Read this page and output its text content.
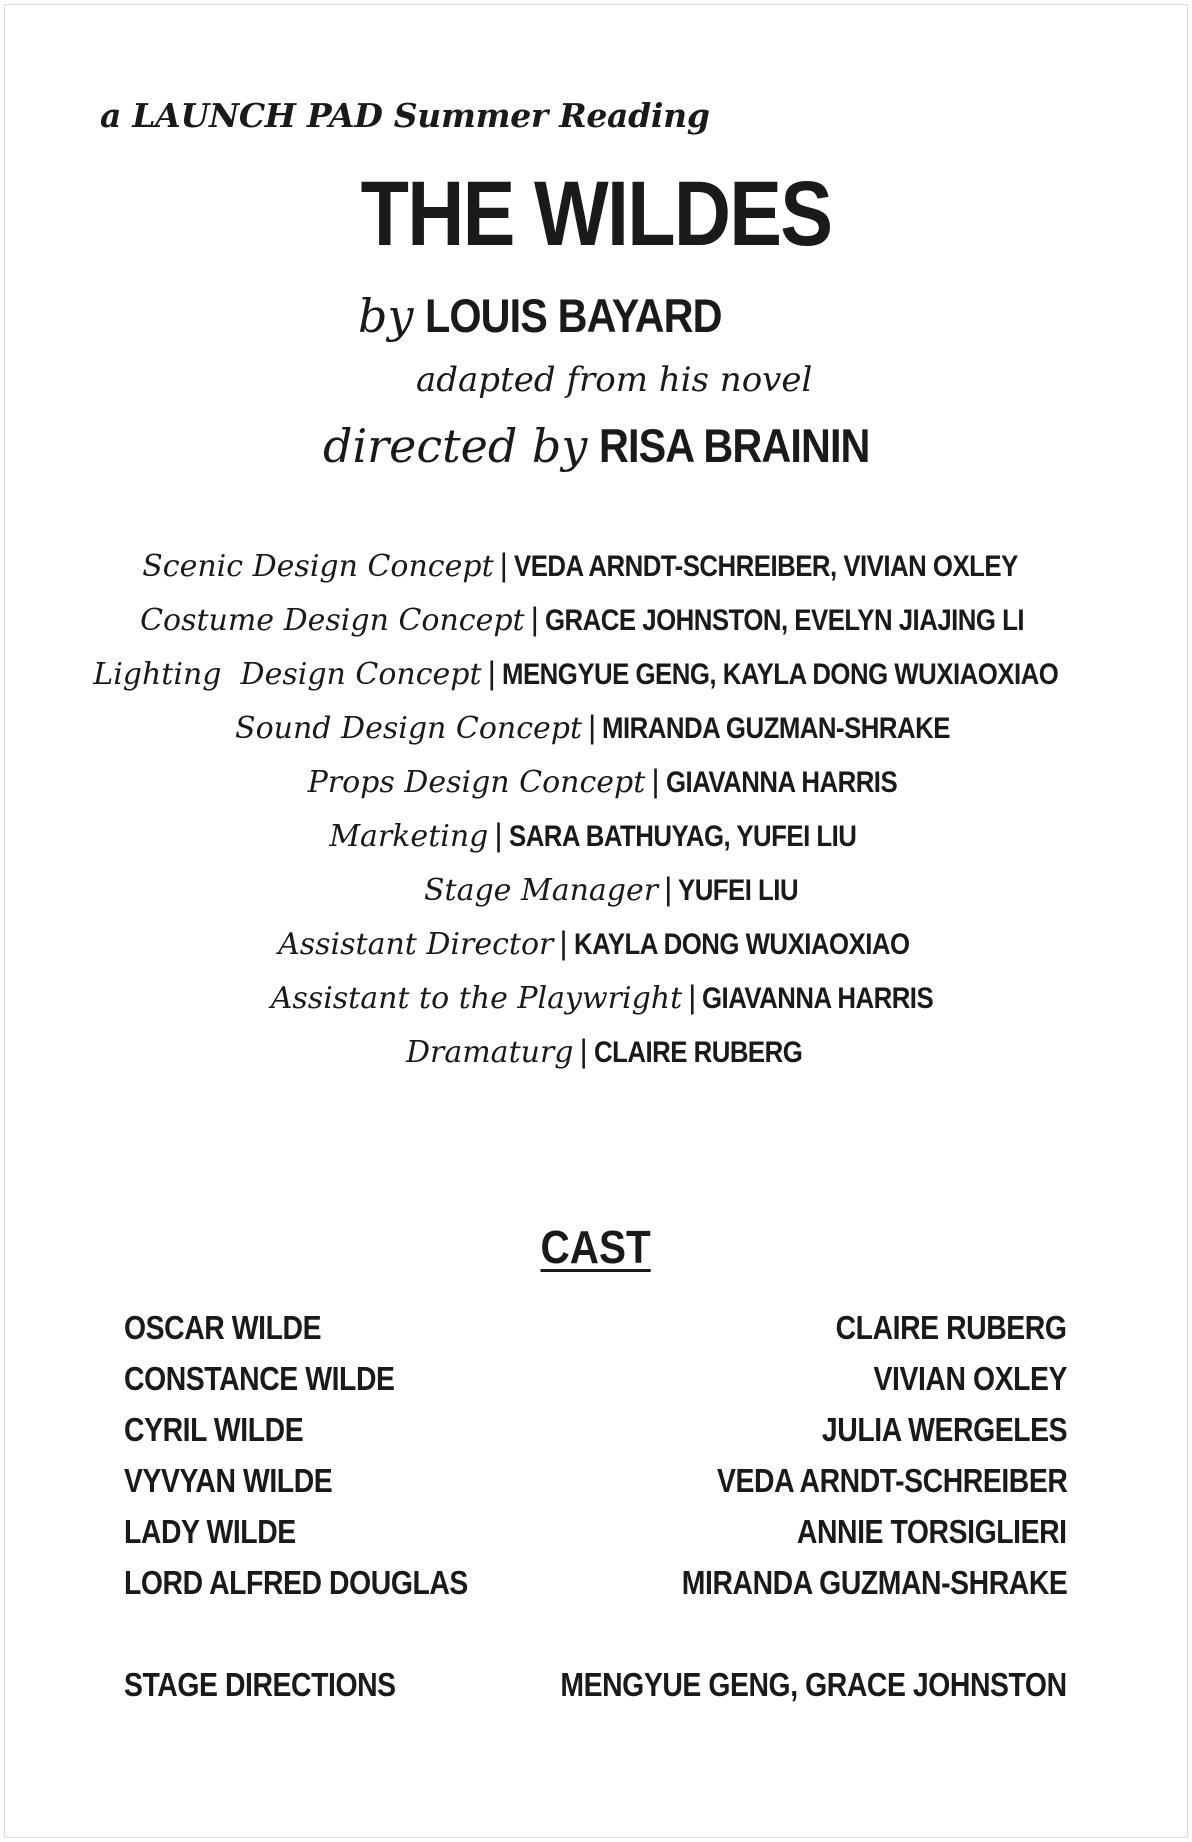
a LAUNCH PAD Summer Reading
THE WILDES
by LOUIS BAYARD
adapted from his novel
directed by RISA BRAININ
Scenic Design Concept | VEDA ARNDT-SCHREIBER, VIVIAN OXLEY
Costume Design Concept | GRACE JOHNSTON, EVELYN JIAJING LI
Lighting  Design Concept | MENGYUE GENG, KAYLA DONG WUXIAOXIAO
Sound Design Concept | MIRANDA GUZMAN-SHRAKE
Props Design Concept | GIAVANNA HARRIS
Marketing | SARA BATHUYAG, YUFEI LIU
Stage Manager | YUFEI LIU
Assistant Director | KAYLA DONG WUXIAOXIAO
Assistant to the Playwright | GIAVANNA HARRIS
Dramaturg | CLAIRE RUBERG
CAST
OSCAR WILDE	CLAIRE RUBERG
CONSTANCE WILDE	VIVIAN OXLEY
CYRIL WILDE	JULIA WERGELES
VYVYAN WILDE	VEDA ARNDT-SCHREIBER
LADY WILDE	ANNIE TORSIGLIERI
LORD ALFRED DOUGLAS	MIRANDA GUZMAN-SHRAKE
STAGE DIRECTIONS	MENGYUE GENG, GRACE JOHNSTON
